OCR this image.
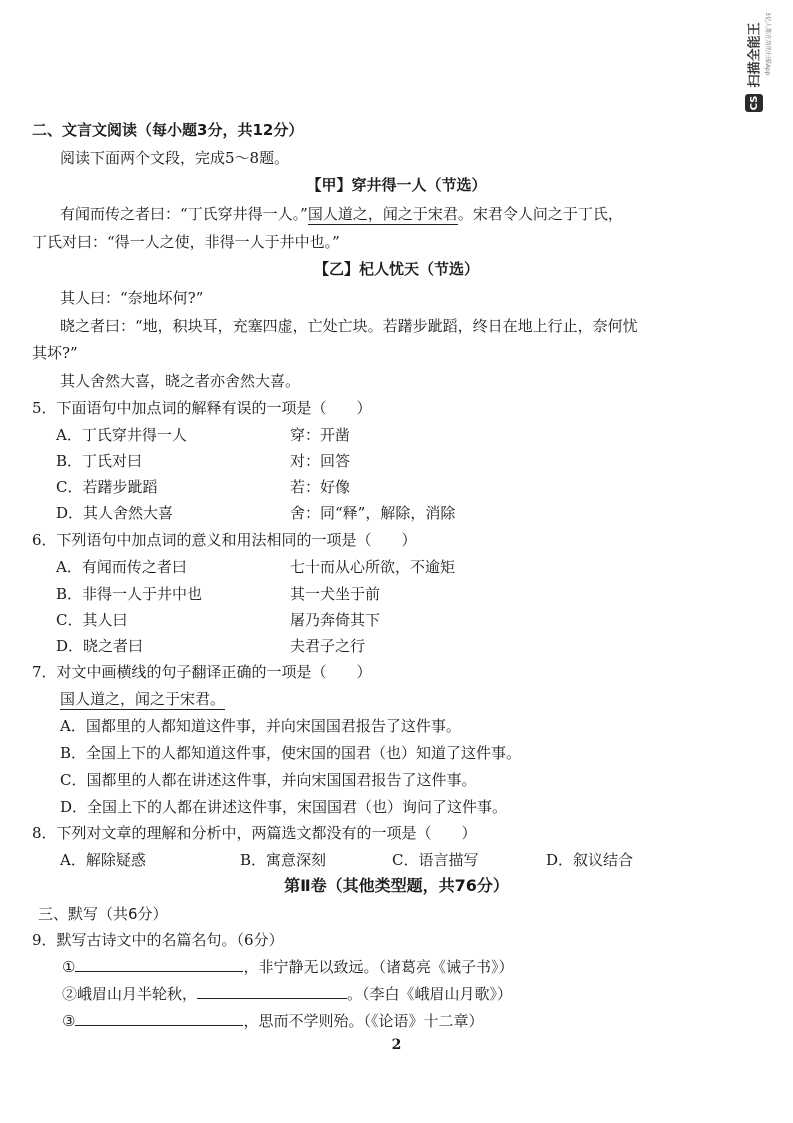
扫描全能王
CS
3亿人都在用的扫描App
二、文言文阅读（每小题3分，共12分）
阅读下面两个文段，完成5～8题。
【甲】穿井得一人（节选）
有闻而传之者曰：“丁氏穿井得一人。”国人道之，闻之于宋君。宋君令人问之于丁氏，
丁氏对曰：“得一人之使，非得一人于井中也。”
【乙】杞人忧天（节选）
其人曰：“奈地坏何?”
晓之者曰：“地，积块耳，充塞四虚，亡处亡块。若躇步跐蹈，终日在地上行止，奈何忧
其坏?”
其人舍然大喜，晓之者亦舍然大喜。
5．下面语句中加点词的解释有误的一项是（　　）
A．丁氏穿井得一人	穿：开凿
B．丁氏对曰	对：回答
C．若躇步跐蹈	若：好像
D．其人舍然大喜	舍：同“释”，解除，消除
6．下列语句中加点词的意义和用法相同的一项是（　　）
A．有闻而传之者曰	七十而从心所欲，不逾矩
B．非得一人于井中也	其一犬坐于前
C．其人曰	屠乃奔倚其下
D．晓之者曰	夫君子之行
7．对文中画横线的句子翻译正确的一项是（　　）
国人道之，闻之于宋君。
A．国都里的人都知道这件事，并向宋国国君报告了这件事。
B．全国上下的人都知道这件事，使宋国的国君（也）知道了这件事。
C．国都里的人都在讲述这件事，并向宋国国君报告了这件事。
D．全国上下的人都在讲述这件事，宋国国君（也）询问了这件事。
8．下列对文章的理解和分析中，两篇选文都没有的一项是（　　）
A．解除疑惑	B．寓意深刻	C．语言描写	D．叙议结合
第Ⅱ卷（其他类型题，共76分）
三、默写（共6分）
9．默写古诗文中的名篇名句。（6分）
①	，非宁静无以致远。（诸葛亮《诫子书》）
②峨眉山月半轮秋，	。（李白《峨眉山月歌》）
③	，思而不学则殆。（《论语》十二章）
2
